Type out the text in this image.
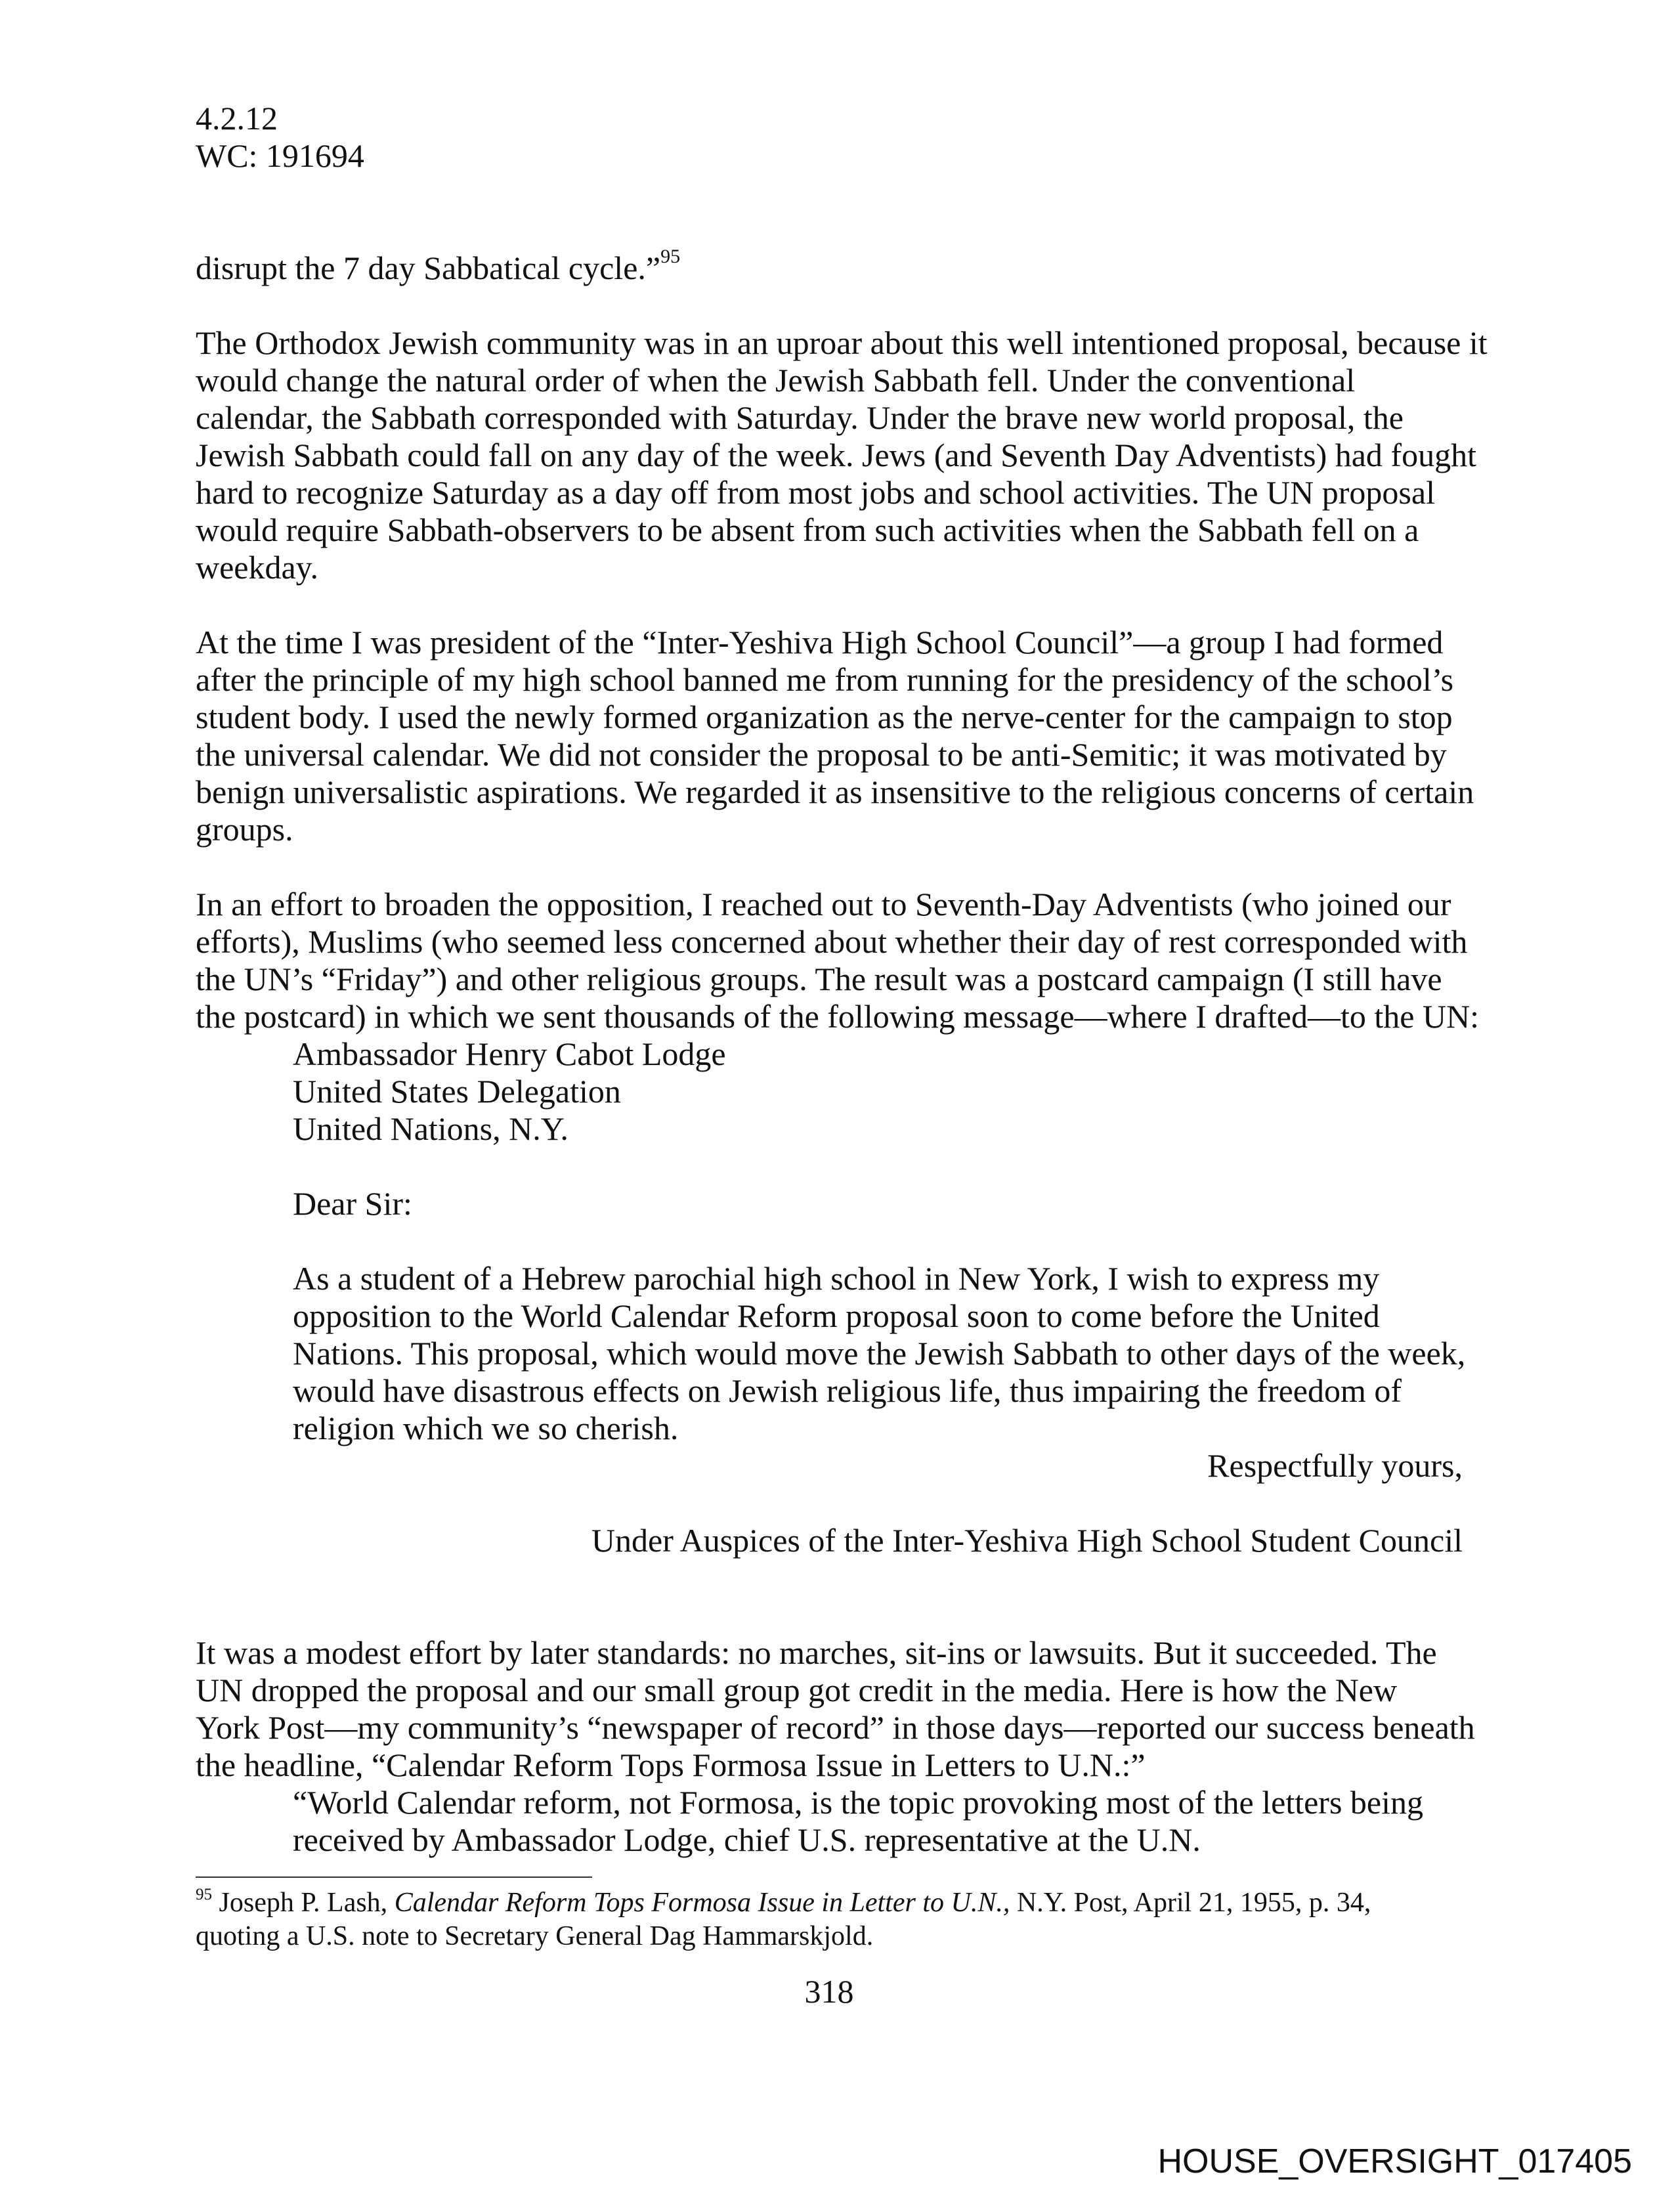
4.2.12
WC: 191694
disrupt the 7 day Sabbatical cycle.”$^{95}$
The Orthodox Jewish community was in an uproar about this well intentioned proposal, because it
would change the natural order of when the Jewish Sabbath fell. Under the conventional
calendar, the Sabbath corresponded with Saturday. Under the brave new world proposal, the
Jewish Sabbath could fall on any day of the week. Jews (and Seventh Day Adventists) had fought
hard to recognize Saturday as a day off from most jobs and school activities. The UN proposal
would require Sabbath-observers to be absent from such activities when the Sabbath fell on a
weekday.
At the time I was president of the “Inter-Yeshiva High School Council”—a group I had formed
after the principle of my high school banned me from running for the presidency of the school’s
student body. I used the newly formed organization as the nerve-center for the campaign to stop
the universal calendar. We did not consider the proposal to be anti-Semitic; it was motivated by
benign universalistic aspirations. We regarded it as insensitive to the religious concerns of certain
groups.
In an effort to broaden the opposition, I reached out to Seventh-Day Adventists (who joined our
efforts), Muslims (who seemed less concerned about whether their day of rest corresponded with
the UN’s “Friday”) and other religious groups. The result was a postcard campaign (I still have
the postcard) in which we sent thousands of the following message—where I drafted—to the UN:
Ambassador Henry Cabot Lodge
United States Delegation
United Nations, N.Y.
Dear Sir:
As a student of a Hebrew parochial high school in New York, I wish to express my
opposition to the World Calendar Reform proposal soon to come before the United
Nations. This proposal, which would move the Jewish Sabbath to other days of the week,
would have disastrous effects on Jewish religious life, thus impairing the freedom of
religion which we so cherish.
Respectfully yours,
Under Auspices of the Inter-Yeshiva High School Student Council
It was a modest effort by later standards: no marches, sit-ins or lawsuits. But it succeeded. The
UN dropped the proposal and our small group got credit in the media. Here is how the New
York Post—my community’s “newspaper of record” in those days—reported our success beneath
the headline, “Calendar Reform Tops Formosa Issue in Letters to U.N.:”
“World Calendar reform, not Formosa, is the topic provoking most of the letters being
received by Ambassador Lodge, chief U.S. representative at the U.N.
$^{95}$ Joseph P. Lash, Calendar Reform Tops Formosa Issue in Letter to U.N., N.Y. Post, April 21, 1955, p. 34,
quoting a U.S. note to Secretary General Dag Hammarskjold.
318
HOUSE_OVERSIGHT_017405
